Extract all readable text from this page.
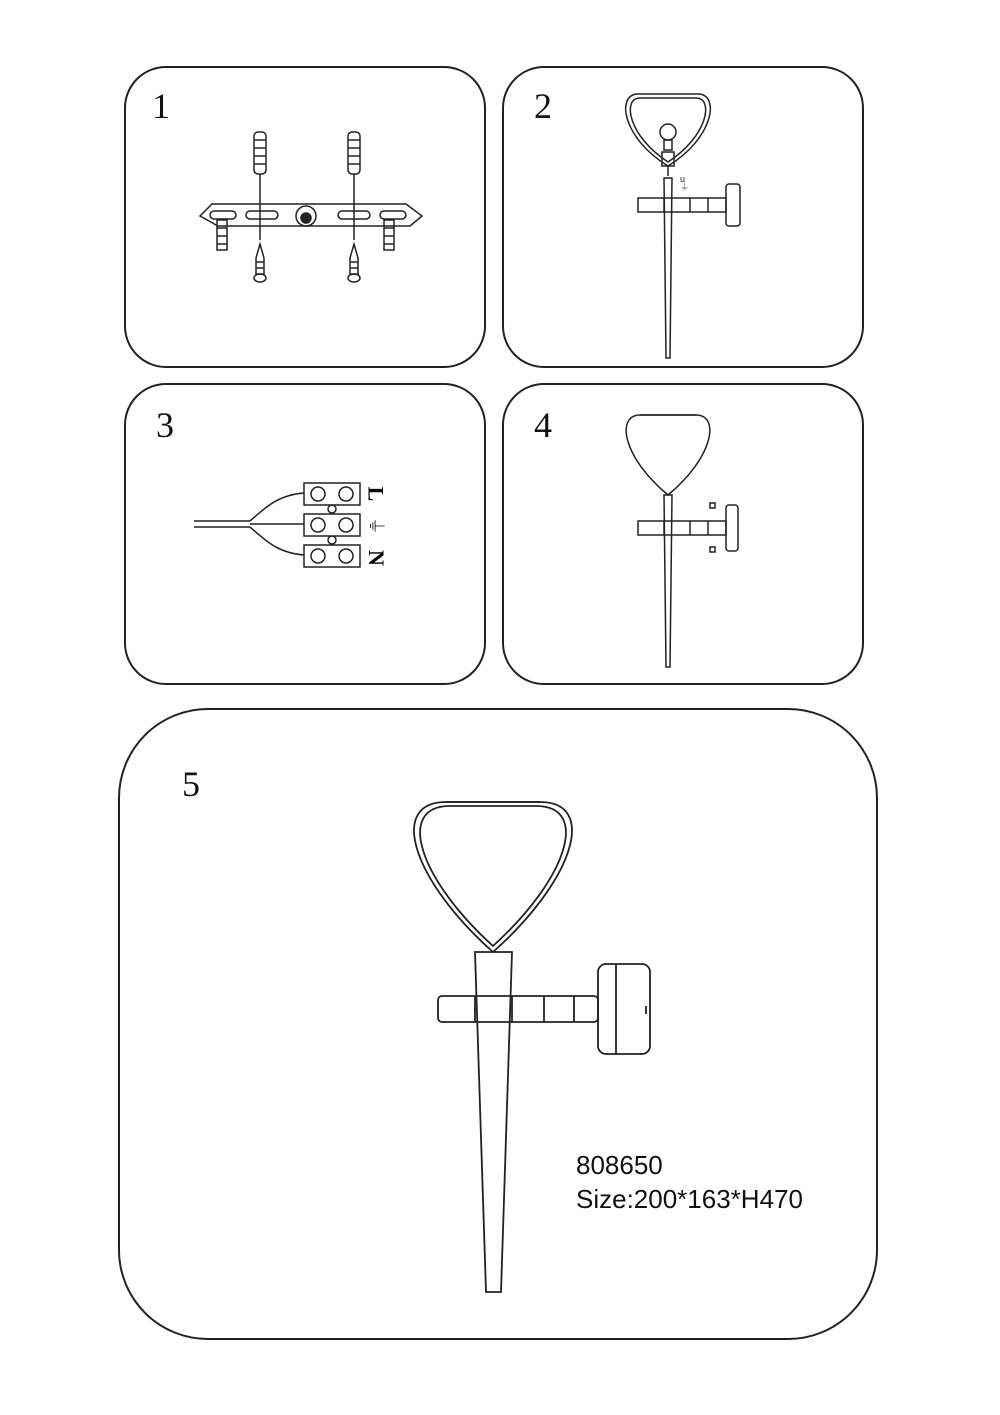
1	2
u
⏚
3
L
⏚
N
4
5
808650
Size:200*163*H470
